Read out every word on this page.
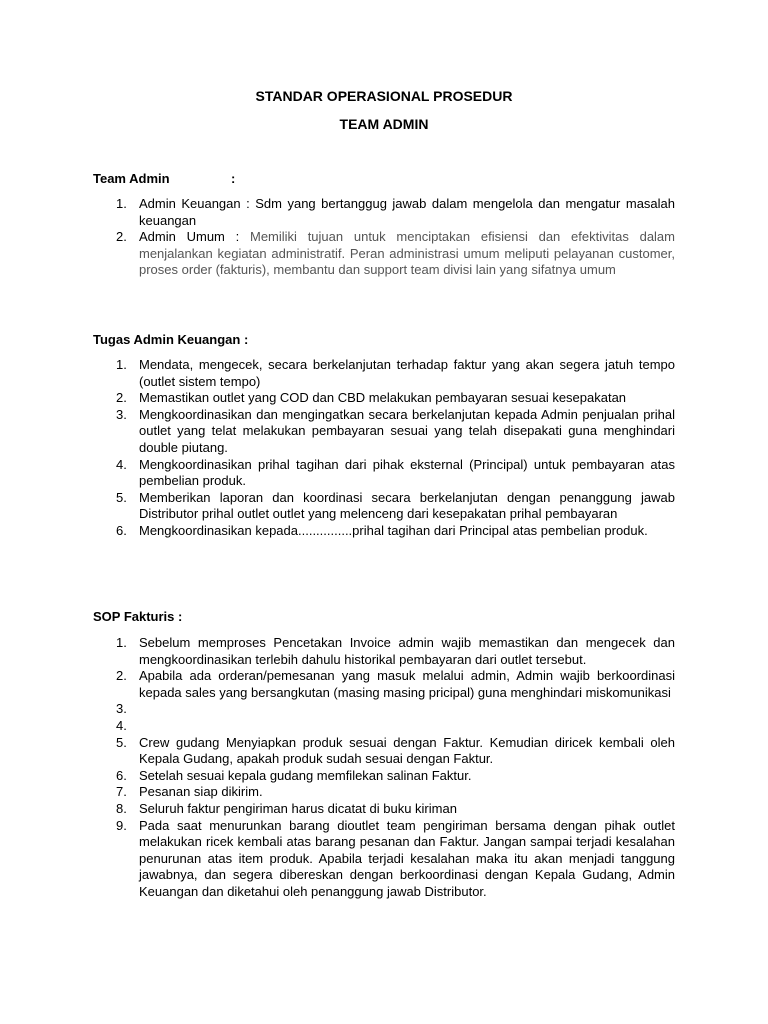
STANDAR OPERASIONAL PROSEDUR
TEAM ADMIN
Team Admin	:
1. Admin Keuangan : Sdm yang bertanggug jawab dalam mengelola dan mengatur masalah keuangan
2. Admin Umum : Memiliki tujuan untuk menciptakan efisiensi dan efektivitas dalam menjalankan kegiatan administratif. Peran administrasi umum meliputi pelayanan customer, proses order (fakturis), membantu dan support team divisi lain yang sifatnya umum
Tugas Admin Keuangan :
1. Mendata, mengecek, secara berkelanjutan terhadap faktur yang akan segera jatuh tempo (outlet sistem tempo)
2. Memastikan outlet yang COD dan CBD melakukan pembayaran sesuai kesepakatan
3. Mengkoordinasikan dan mengingatkan secara berkelanjutan kepada Admin penjualan prihal outlet yang telat melakukan pembayaran sesuai yang telah disepakati guna menghindari double piutang.
4. Mengkoordinasikan prihal tagihan dari pihak eksternal (Principal) untuk pembayaran atas pembelian produk.
5. Memberikan laporan dan koordinasi secara berkelanjutan dengan penanggung jawab Distributor prihal outlet outlet yang melenceng dari kesepakatan prihal pembayaran
6. Mengkoordinasikan kepada...............prihal tagihan dari Principal atas pembelian produk.
SOP Fakturis :
1. Sebelum memproses Pencetakan Invoice admin wajib memastikan dan mengecek dan mengkoordinasikan terlebih dahulu historikal pembayaran dari outlet tersebut.
2. Apabila ada orderan/pemesanan yang masuk melalui admin, Admin wajib berkoordinasi kepada sales yang bersangkutan (masing masing pricipal) guna menghindari miskomunikasi
3.
4.
5. Crew gudang Menyiapkan produk sesuai dengan Faktur. Kemudian diricek kembali oleh Kepala Gudang, apakah produk sudah sesuai dengan Faktur.
6. Setelah sesuai kepala gudang memfilekan salinan Faktur.
7. Pesanan siap dikirim.
8. Seluruh faktur pengiriman harus dicatat di buku kiriman
9. Pada saat menurunkan barang dioutlet team pengiriman bersama dengan pihak outlet melakukan ricek kembali atas barang pesanan dan Faktur. Jangan sampai terjadi kesalahan penurunan atas item produk. Apabila terjadi kesalahan maka itu akan menjadi tanggung jawabnya, dan segera dibereskan dengan berkoordinasi dengan Kepala Gudang, Admin Keuangan dan diketahui oleh penanggung jawab Distributor.
